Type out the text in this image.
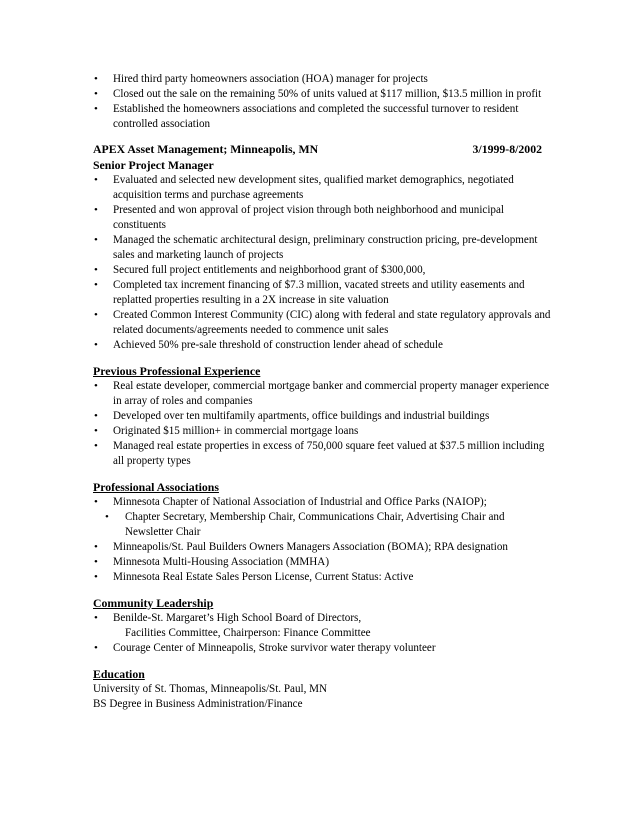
• Hired third party homeowners association (HOA) manager for projects
• Closed out the sale on the remaining 50% of units valued at $117 million, $13.5 million in profit
• Established the homeowners associations and completed the successful turnover to resident controlled association
APEX Asset Management; Minneapolis, MN	3/1999-8/2002
Senior Project Manager
• Evaluated and selected new development sites, qualified market demographics, negotiated acquisition terms and purchase agreements
• Presented and won approval of project vision through both neighborhood and municipal constituents
• Managed the schematic architectural design, preliminary construction pricing, pre-development sales and marketing launch of projects
• Secured full project entitlements and neighborhood grant of $300,000,
• Completed tax increment financing of $7.3 million, vacated streets and utility easements and replatted properties resulting in a 2X increase in site valuation
• Created Common Interest Community (CIC) along with federal and state regulatory approvals and related documents/agreements needed to commence unit sales
• Achieved 50% pre-sale threshold of construction lender ahead of schedule
Previous Professional Experience
• Real estate developer, commercial mortgage banker and commercial property manager experience in array of roles and companies
• Developed over ten multifamily apartments, office buildings and industrial buildings
• Originated $15 million+ in commercial mortgage loans
• Managed real estate properties in excess of 750,000 square feet valued at $37.5 million including all property types
Professional Associations
• Minnesota Chapter of National Association of Industrial and Office Parks (NAIOP);
• Chapter Secretary, Membership Chair, Communications Chair, Advertising Chair and Newsletter Chair
• Minneapolis/St. Paul Builders Owners Managers Association (BOMA); RPA designation
• Minnesota Multi-Housing Association (MMHA)
• Minnesota Real Estate Sales Person License, Current Status: Active
Community Leadership
• Benilde-St. Margaret’s High School Board of Directors,
Facilities Committee, Chairperson: Finance Committee
• Courage Center of Minneapolis, Stroke survivor water therapy volunteer
Education
University of St. Thomas, Minneapolis/St. Paul, MN
BS Degree in Business Administration/Finance
